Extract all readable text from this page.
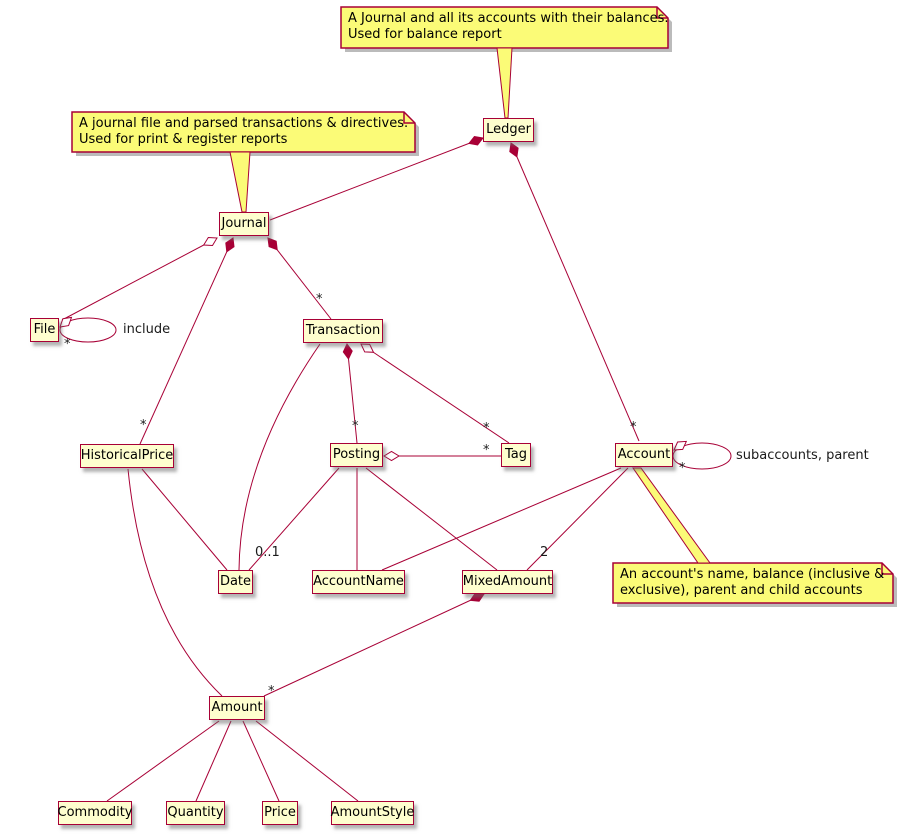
Ledger
Journal
File	Transaction
HistoricalPrice	Posting	Tag	Account
Date	AccountName	MixedAmount
Amount
Commodity	Quantity	Price	AmountStyle
A Journal and all its accounts with their balances.
Used for balance report
A journal file and parsed transactions & directives.
Used for print & register reports
An account's name, balance (inclusive &
exclusive), parent and child accounts
*
include
*
*
*
*	*
*
0..1	2
subaccounts, parent
*
*
